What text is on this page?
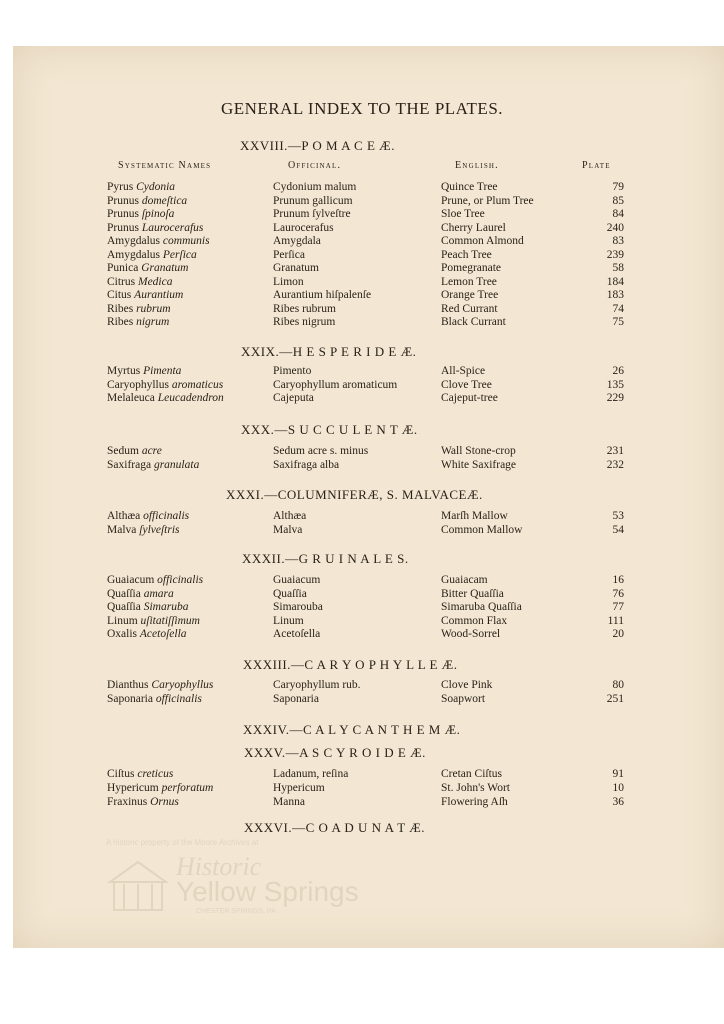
GENERAL INDEX TO THE PLATES.
Systematic Names	Officinal.	English.	Plate
XXVIII.—P O M A C E Æ.
Pyrus Cydonia	Cydonium malum	Quince Tree	79
Prunus domeſtica	Prunum gallicum	Prune, or Plum Tree	85
Prunus ſpinoſa	Prunum ſylveſtre	Sloe Tree	84
Prunus Laurocerafus	Laurocerafus	Cherry Laurel	240
Amygdalus communis	Amygdala	Common Almond	83
Amygdalus Perſica	Perſica	Peach Tree	239
Punica Granatum	Granatum	Pomegranate	58
Citrus Medica	Limon	Lemon Tree	184
Citus Aurantium	Aurantium hiſpalenſe	Orange Tree	183
Ribes rubrum	Ribes rubrum	Red Currant	74
Ribes nigrum	Ribes nigrum	Black Currant	75
XXIX.—H E S P E R I D E Æ.
Myrtus Pimenta	Pimento	All-Spice	26
Caryophyllus aromaticus	Caryophyllum aromaticum	Clove Tree	135
Melaleuca Leucadendron	Cajeputa	Cajeput-tree	229
XXX.—S U C C U L E N T Æ.
Sedum acre	Sedum acre s. minus	Wall Stone-crop	231
Saxifraga granulata	Saxifraga alba	White Saxifrage	232
XXXI.—COLUMNIFERÆ, S. MALVACEÆ.
Althæa officinalis	Althæa	Marſh Mallow	53
Malva ſylveſtris	Malva	Common Mallow	54
XXXII.—G R U I N A L E S.
Guaiacum officinalis	Guaiacum	Guaiacam	16
Quaſſia amara	Quaſſia	Bitter Quaſſia	76
Quaſſia Simaruba	Simarouba	Simaruba Quaſſia	77
Linum uſitatiſſimum	Linum	Common Flax	111
Oxalis Acetoſella	Acetoſella	Wood-Sorrel	20
XXXIII.—C A R Y O P H Y L L E Æ.
Dianthus Caryophyllus	Caryophyllum rub.	Clove Pink	80
Saponaria officinalis	Saponaria	Soapwort	251
XXXIV.—C A L Y C A N T H E M Æ.
XXXV.—A S C Y R O I D E Æ.
Ciſtus creticus	Ladanum, reſina	Cretan Ciſtus	91
Hypericum perforatum	Hypericum	St. John's Wort	10
Fraxinus Ornus	Manna	Flowering Aſh	36
XXXVI.—C O A D U N A T Æ.
A historic property of the Moore Archives at
Historic
Yellow Springs
CHESTER SPRINGS, PA
